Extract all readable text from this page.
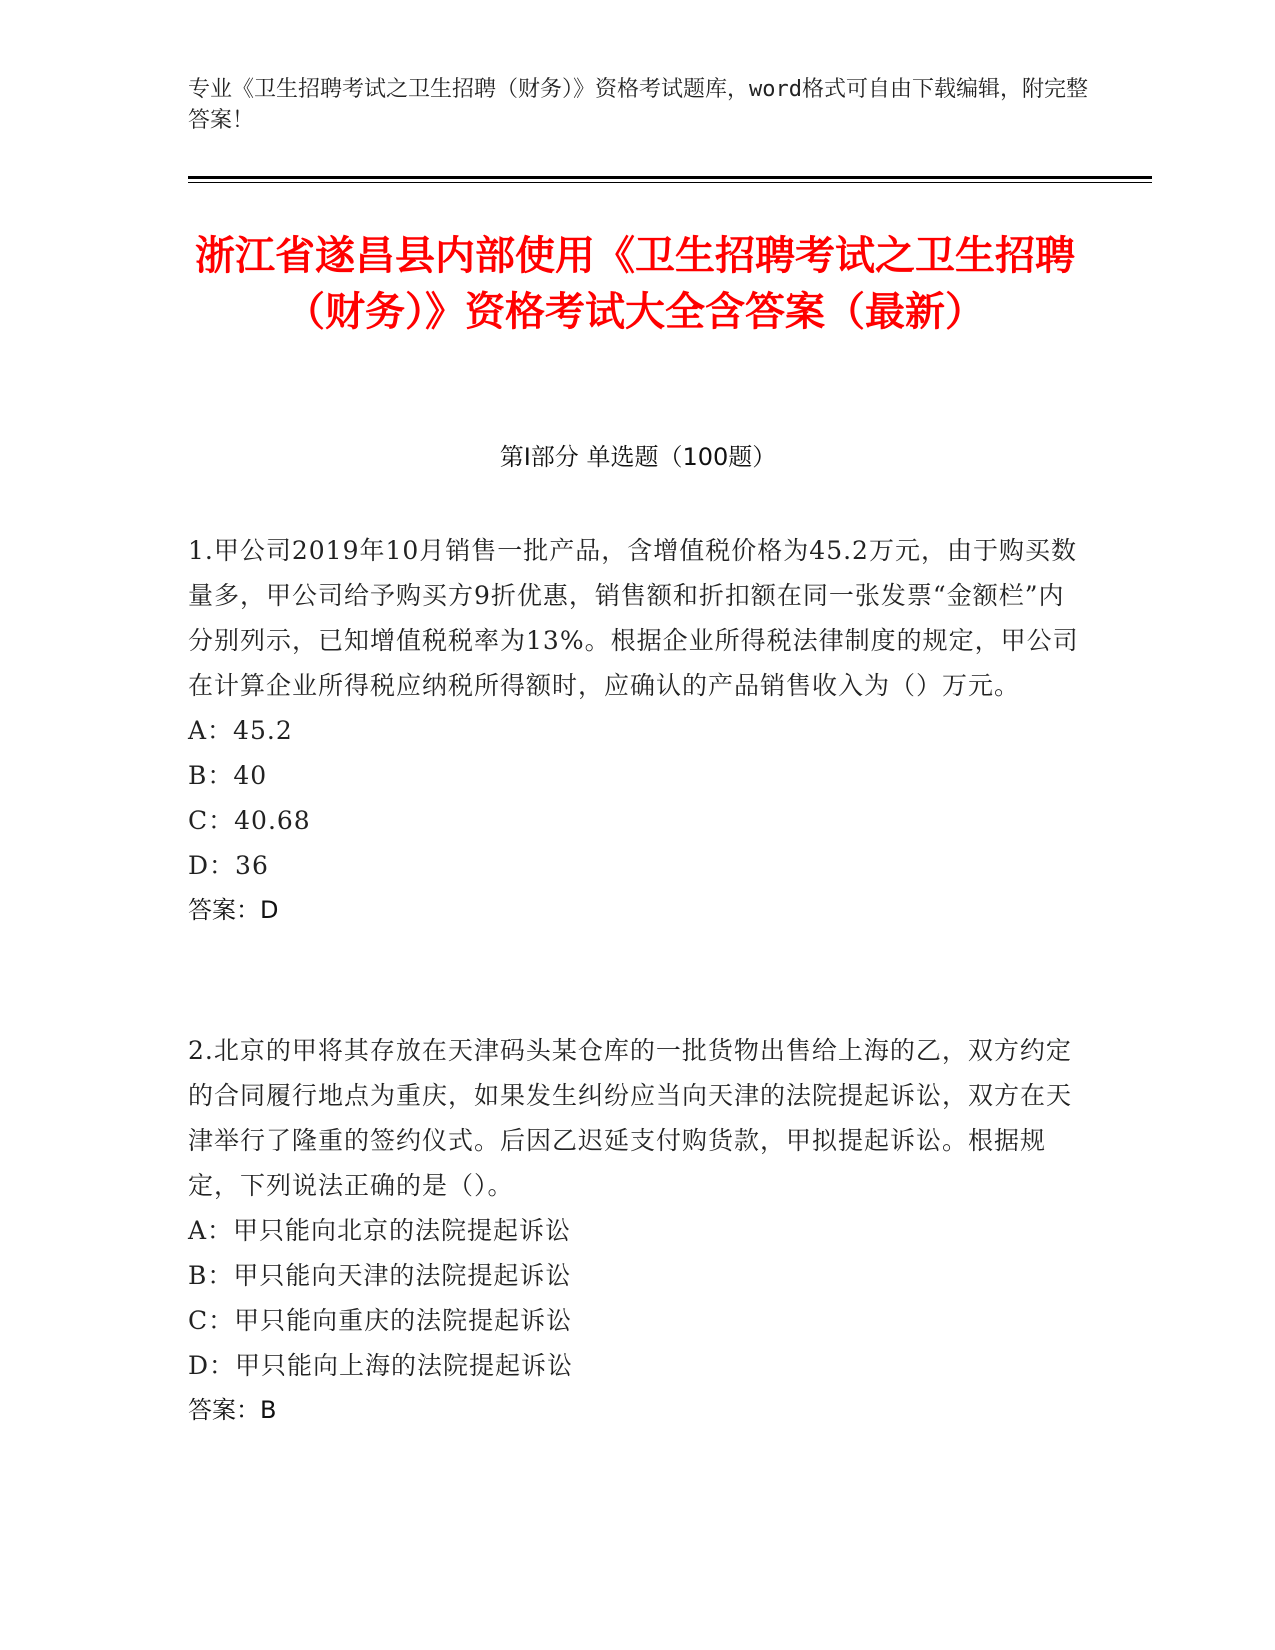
专业《卫生招聘考试之卫生招聘（财务）》资格考试题库，word格式可自由下载编辑，附完整答案！
浙江省遂昌县内部使用《卫生招聘考试之卫生招聘（财务）》资格考试大全含答案（最新）
第Ⅰ部分 单选题（100题）
1.甲公司2019年10月销售一批产品，含增值税价格为45.2万元，由于购买数量多，甲公司给予购买方9折优惠，销售额和折扣额在同一张发票“金额栏”内分别列示，已知增值税税率为13%。根据企业所得税法律制度的规定，甲公司在计算企业所得税应纳税所得额时，应确认的产品销售收入为（）万元。
A：45.2
B：40
C：40.68
D：36
答案：D
2.北京的甲将其存放在天津码头某仓库的一批货物出售给上海的乙，双方约定的合同履行地点为重庆，如果发生纠纷应当向天津的法院提起诉讼，双方在天津举行了隆重的签约仪式。后因乙迟延支付购货款，甲拟提起诉讼。根据规定，下列说法正确的是（）。
A：甲只能向北京的法院提起诉讼
B：甲只能向天津的法院提起诉讼
C：甲只能向重庆的法院提起诉讼
D：甲只能向上海的法院提起诉讼
答案：B
